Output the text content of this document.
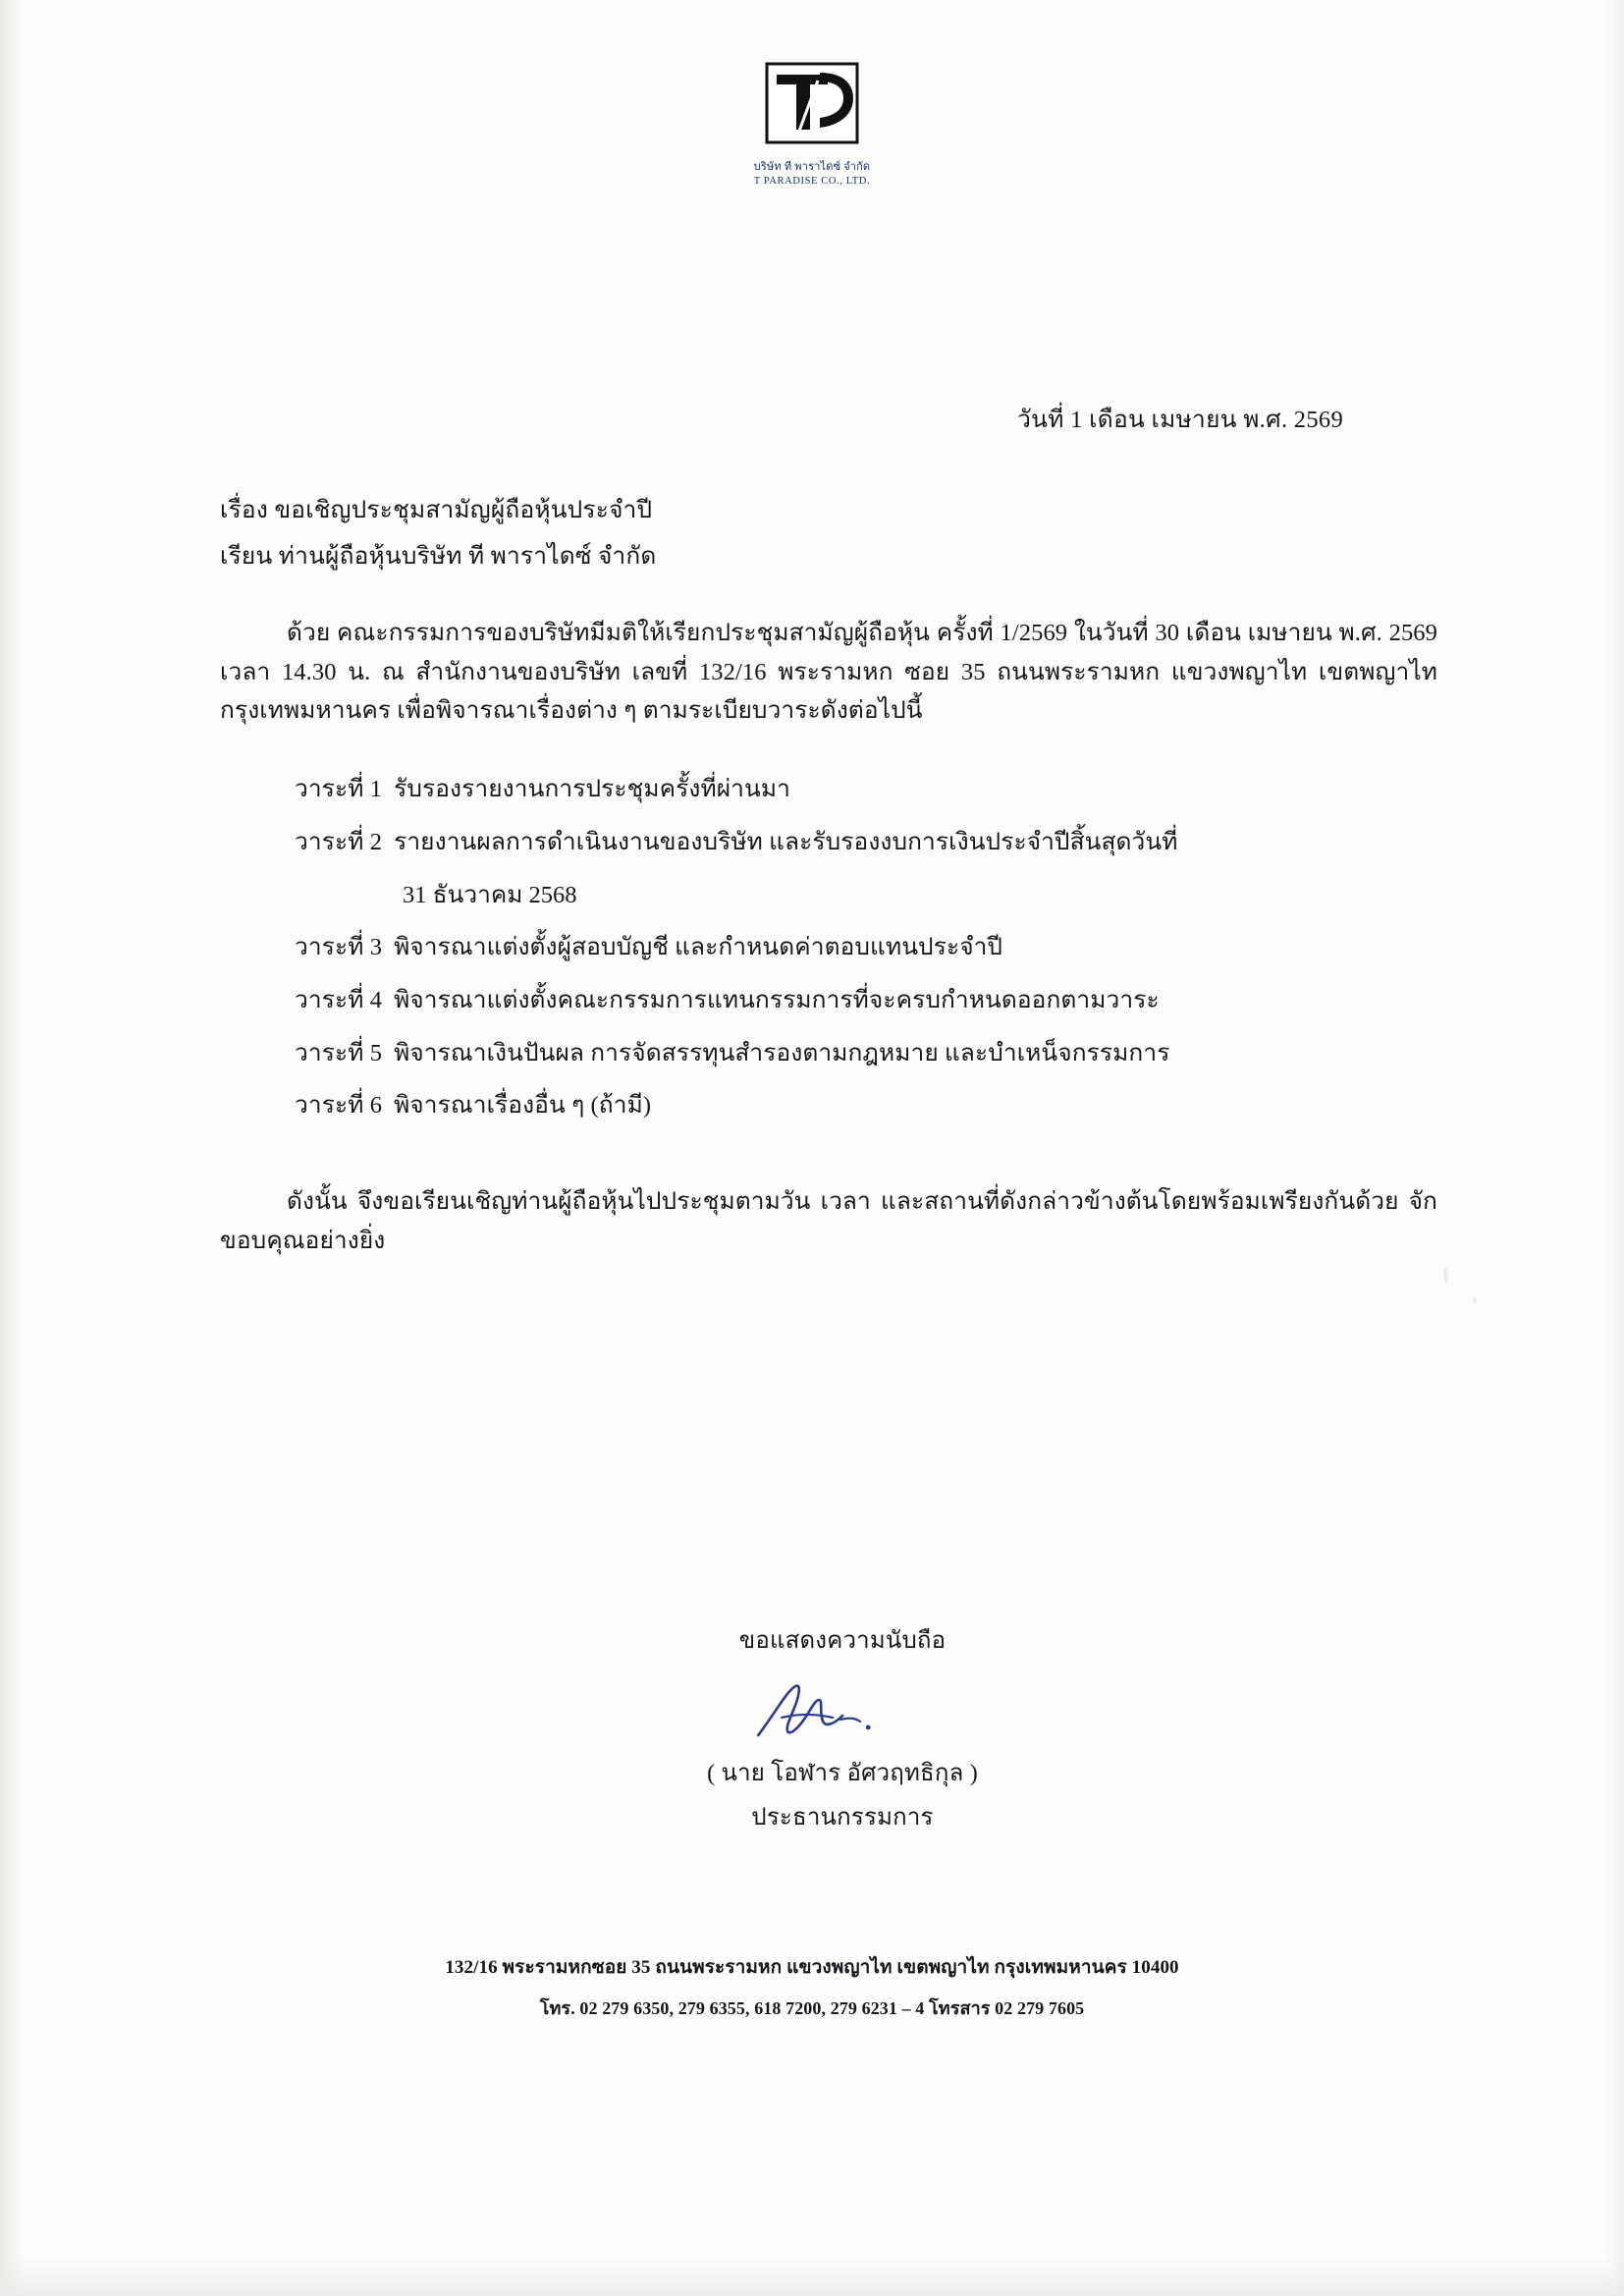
บริษัท ที พาราไดซ์ จำกัด
T PARADISE CO., LTD.
วันที่ 1 เดือน เมษายน พ.ศ. 2569
เรื่อง ขอเชิญประชุมสามัญผู้ถือหุ้นประจำปี
เรียน ท่านผู้ถือหุ้นบริษัท ที พาราไดซ์ จำกัด
ด้วย คณะกรรมการของบริษัทมีมติให้เรียกประชุมสามัญผู้ถือหุ้น ครั้งที่ 1/2569 ในวันที่ 30 เดือน เมษายน พ.ศ. 2569 เวลา 14.30 น. ณ สำนักงานของบริษัท เลขที่ 132/16 พระรามหก ซอย 35 ถนนพระรามหก แขวงพญาไท เขตพญาไท กรุงเทพมหานคร เพื่อพิจารณาเรื่องต่าง ๆ ตามระเบียบวาระดังต่อไปนี้
วาระที่ 1 รับรองรายงานการประชุมครั้งที่ผ่านมา
วาระที่ 2 รายงานผลการดำเนินงานของบริษัท และรับรองงบการเงินประจำปีสิ้นสุดวันที่
31 ธันวาคม 2568
วาระที่ 3 พิจารณาแต่งตั้งผู้สอบบัญชี และกำหนดค่าตอบแทนประจำปี
วาระที่ 4 พิจารณาแต่งตั้งคณะกรรมการแทนกรรมการที่จะครบกำหนดออกตามวาระ
วาระที่ 5 พิจารณาเงินปันผล การจัดสรรทุนสำรองตามกฎหมาย และบำเหน็จกรรมการ
วาระที่ 6 พิจารณาเรื่องอื่น ๆ (ถ้ามี)
ดังนั้น จึงขอเรียนเชิญท่านผู้ถือหุ้นไปประชุมตามวัน เวลา และสถานที่ดังกล่าวข้างต้นโดยพร้อมเพรียงกันด้วย จักขอบคุณอย่างยิ่ง
ขอแสดงความนับถือ
( นาย โอฬาร อัศวฤทธิกุล )
ประธานกรรมการ
132/16 พระรามหกซอย 35 ถนนพระรามหก แขวงพญาไท เขตพญาไท กรุงเทพมหานคร 10400
โทร. 02 279 6350, 279 6355, 618 7200, 279 6231 – 4 โทรสาร 02 279 7605
